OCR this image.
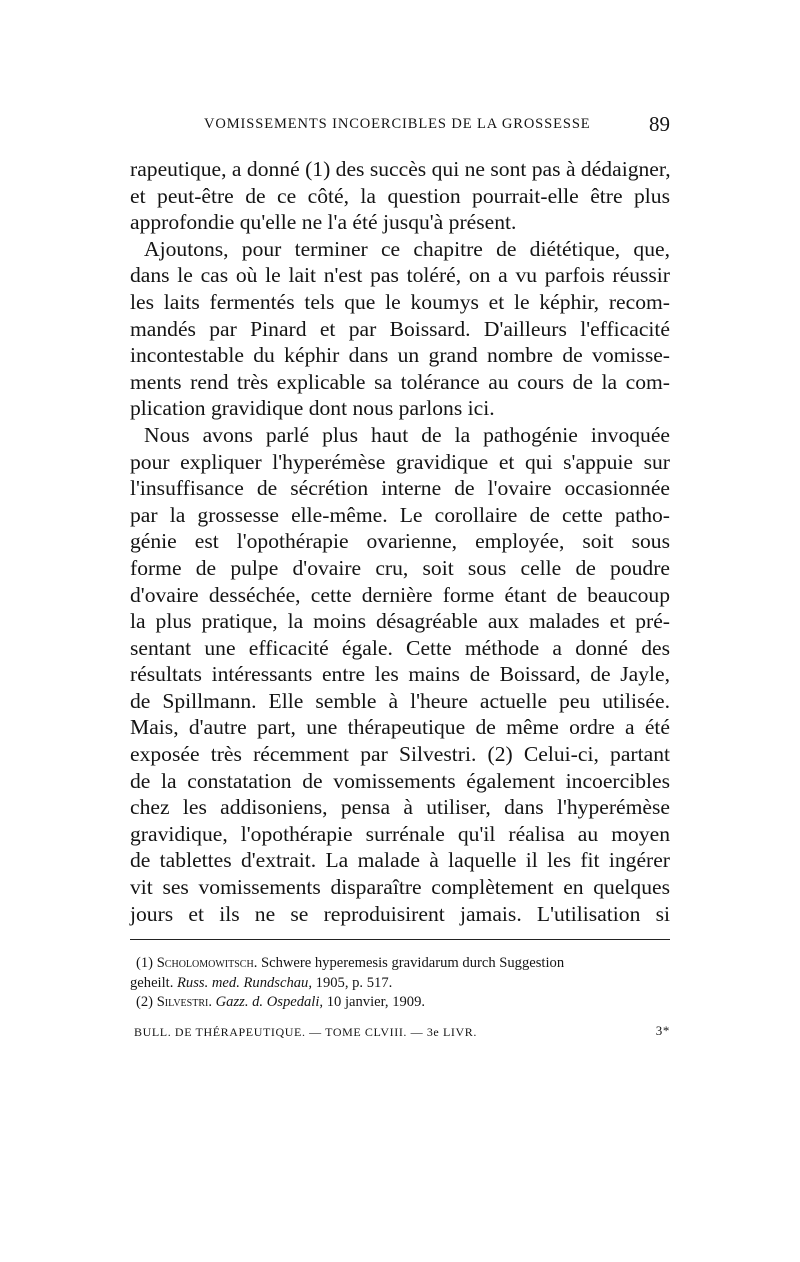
VOMISSEMENTS INCOERCIBLES DE LA GROSSESSE	89
rapeutique, a donné (1) des succès qui ne sont pas à dédaigner,
et peut-être de ce côté, la question pourrait-elle être plus
approfondie qu'elle ne l'a été jusqu'à présent.
Ajoutons, pour terminer ce chapitre de diététique, que,
dans le cas où le lait n'est pas toléré, on a vu parfois réussir
les laits fermentés tels que le koumys et le képhir, recom-
mandés par Pinard et par Boissard. D'ailleurs l'efficacité
incontestable du képhir dans un grand nombre de vomisse-
ments rend très explicable sa tolérance au cours de la com-
plication gravidique dont nous parlons ici.
Nous avons parlé plus haut de la pathogénie invoquée
pour expliquer l'hyperémèse gravidique et qui s'appuie sur
l'insuffisance de sécrétion interne de l'ovaire occasionnée
par la grossesse elle-même. Le corollaire de cette patho-
génie est l'opothérapie ovarienne, employée, soit sous
forme de pulpe d'ovaire cru, soit sous celle de poudre
d'ovaire desséchée, cette dernière forme étant de beaucoup
la plus pratique, la moins désagréable aux malades et pré-
sentant une efficacité égale. Cette méthode a donné des
résultats intéressants entre les mains de Boissard, de Jayle,
de Spillmann. Elle semble à l'heure actuelle peu utilisée.
Mais, d'autre part, une thérapeutique de même ordre a été
exposée très récemment par Silvestri. (2) Celui-ci, partant
de la constatation de vomissements également incoercibles
chez les addisoniens, pensa à utiliser, dans l'hyperémèse
gravidique, l'opothérapie surrénale qu'il réalisa au moyen
de tablettes d'extrait. La malade à laquelle il les fit ingérer
vit ses vomissements disparaître complètement en quelques
jours et ils ne se reproduisirent jamais. L'utilisation si
(1) Scholomowitsch. Schwere hyperemesis gravidarum durch Suggestion
geheilt. Russ. med. Rundschau, 1905, p. 517.
(2) Silvestri. Gazz. d. Ospedali, 10 janvier, 1909.
BULL. DE THÉRAPEUTIQUE. — TOME CLVIII. — 3e LIVR.	3*
